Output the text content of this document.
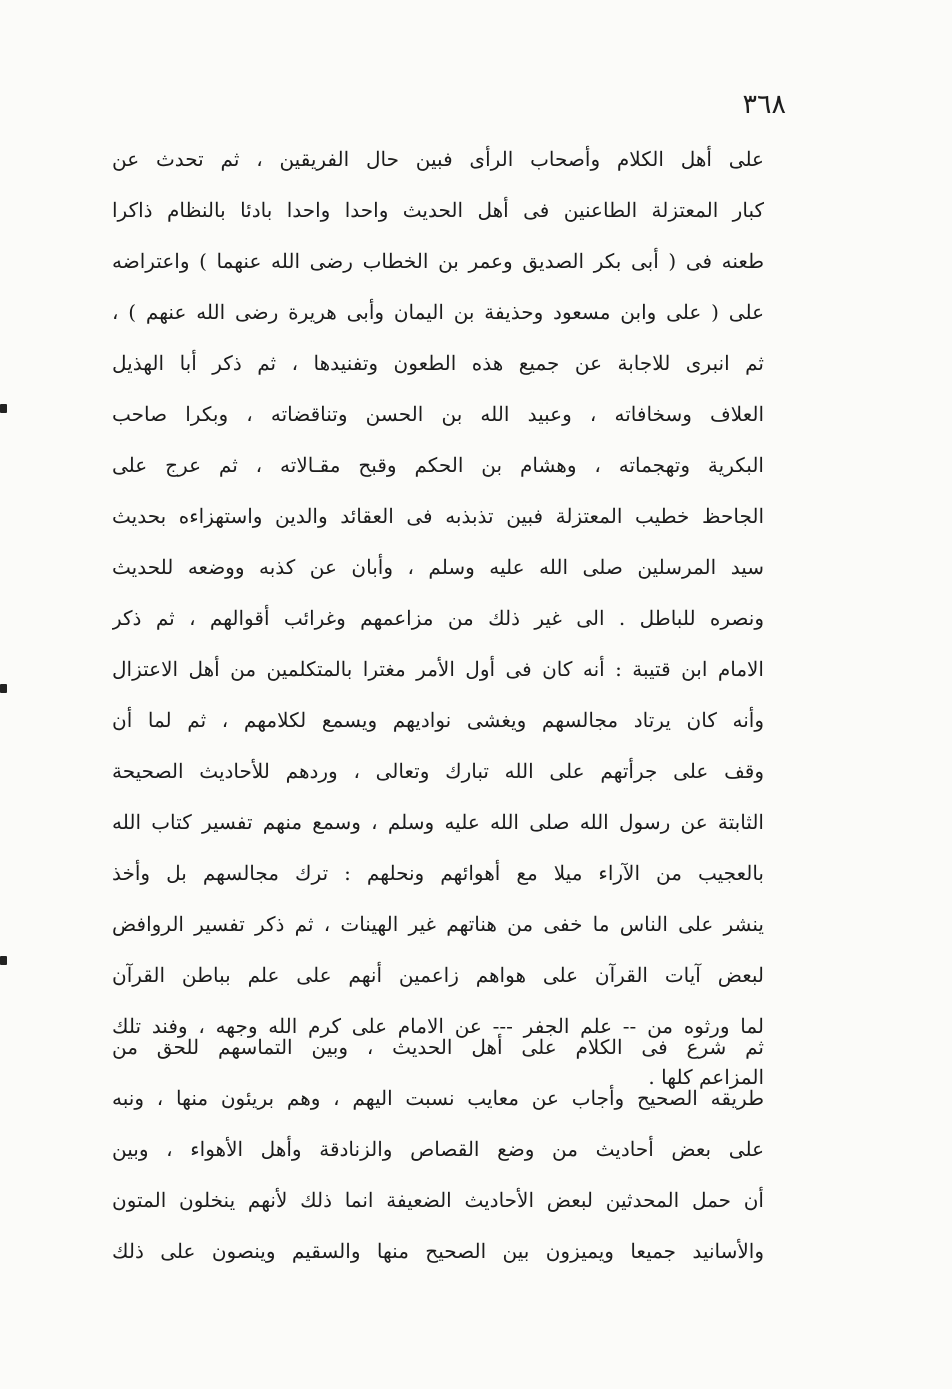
٣٦٨
على أهل الكلام وأصحاب الرأى فبين حال الفريقين ، ثم تحدث عن
كبار المعتزلة الطاعنين فى أهل الحديث واحدا واحدا بادئا بالنظام ذاكرا
طعنه فى ( أبى بكر الصديق وعمر بن الخطاب رضى الله عنهما ) واعتراضه
على ( على وابن مسعود وحذيفة بن اليمان وأبى هريرة رضى الله عنهم ) ،
ثم انبرى للاجابة عن جميع هذه الطعون وتفنيدها ، ثم ذكر أبا الهذيل
العلاف وسخافاته ، وعبيد الله بن الحسن وتناقضاته ، وبكرا صاحب
البكرية وتهجماته ، وهشام بن الحكم وقبح مقـالاته ، ثم عرج على
الجاحظ خطيب المعتزلة فبين تذبذبه فى العقائد والدين واستهزاءه بحديث
سيد المرسلين صلى الله عليه وسلم ، وأبان عن كذبه ووضعه للحديث
ونصره للباطل . الى غير ذلك من مزاعمهم وغرائب أقوالهم ، ثم ذكر
الامام ابن قتيبة : أنه كان فى أول الأمر مغترا بالمتكلمين من أهل الاعتزال
وأنه كان يرتاد مجالسهم ويغشى نواديهم ويسمع لكلامهم ، ثم لما أن
وقف على جرأتهم على الله تبارك وتعالى ، وردهم للأحاديث الصحيحة
الثابتة عن رسول الله صلى الله عليه وسلم ، وسمع منهم تفسير كتاب الله
بالعجيب من الآراء ميلا مع أهوائهم ونحلهم : ترك مجالسهم بل وأخذ
ينشر على الناس ما خفى من هناتهم غير الهينات ، ثم ذكر تفسير الروافض
لبعض آيات القرآن على هواهم زاعمين أنهم على علم بباطن القرآن
لما ورثوه من -- علم الجفر --- عن الامام على كرم الله وجهه ، وفند تلك
المزاعم كلها .
ثم شرع فى الكلام على أهل الحديث ، وبين التماسهم للحق من
طريقه الصحيح وأجاب عن معايب نسبت اليهم ، وهم بريئون منها ، ونبه
على بعض أحاديث من وضع القصاص والزنادقة وأهل الأهواء ، وبين
أن حمل المحدثين لبعض الأحاديث الضعيفة انما ذلك لأنهم ينخلون المتون
والأسانيد جميعا ويميزون بين الصحيح منها والسقيم وينصون على ذلك
